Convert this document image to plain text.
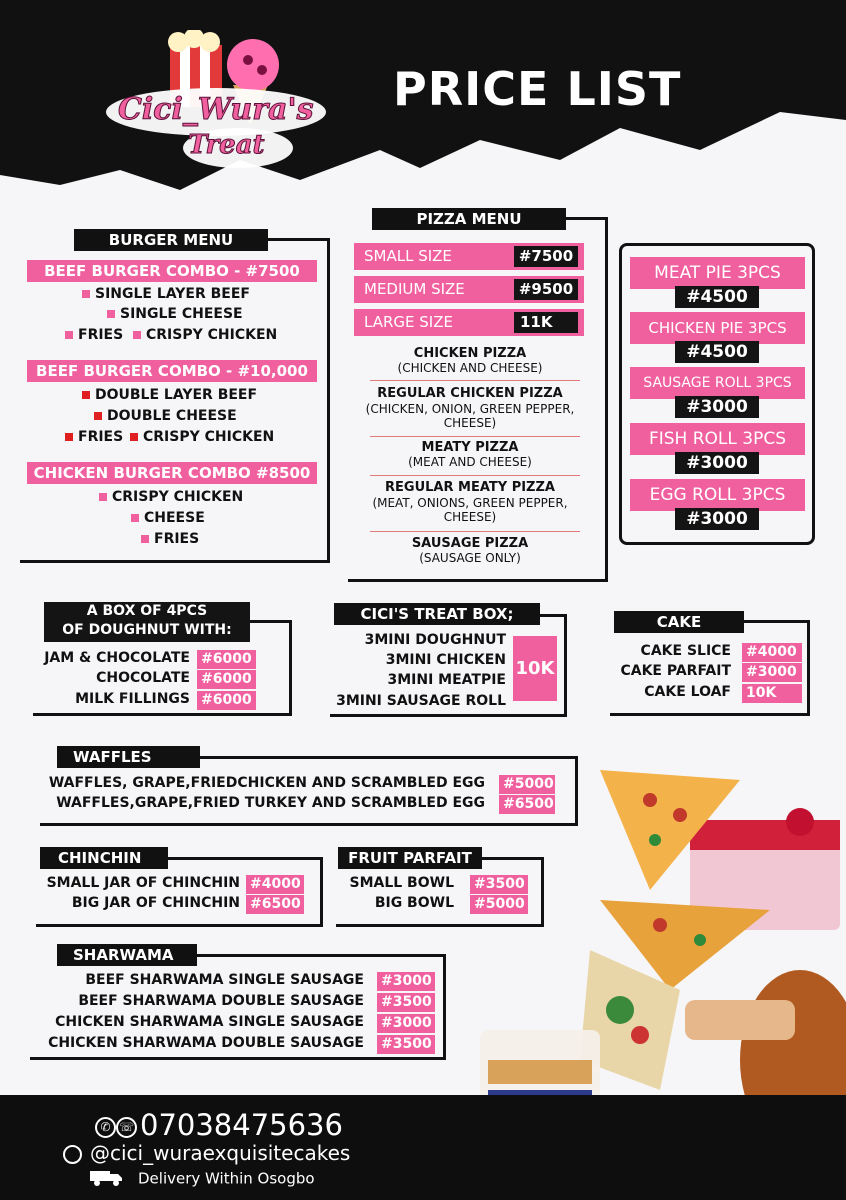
Cici_Wura's
Treat
PRICE LIST
BURGER MENU
BEEF BURGER COMBO - #7500
SINGLE LAYER BEEF
SINGLE CHEESE
FRIES	CRISPY CHICKEN
BEEF BURGER COMBO - #10,000
DOUBLE LAYER BEEF
DOUBLE CHEESE
FRIES	CRISPY CHICKEN
CHICKEN BURGER COMBO #8500
CRISPY CHICKEN
CHEESE
FRIES
PIZZA MENU
SMALL SIZE	#7500
MEDIUM SIZE	#9500
LARGE SIZE	11K
CHICKEN PIZZA
(CHICKEN AND CHEESE)
REGULAR CHICKEN PIZZA
(CHICKEN, ONION, GREEN PEPPER, CHEESE)
MEATY PIZZA
(MEAT AND CHEESE)
REGULAR MEATY PIZZA
(MEAT, ONIONS, GREEN PEPPER, CHEESE)
SAUSAGE PIZZA
(SAUSAGE ONLY)
MEAT PIE 3PCS
#4500
CHICKEN PIE 3PCS
#4500
SAUSAGE ROLL 3PCS
#3000
FISH ROLL 3PCS
#3000
EGG ROLL 3PCS
#3000
A BOX OF 4PCS
OF DOUGHNUT WITH:
JAM & CHOCOLATE #6000
CHOCOLATE #6000
MILK FILLINGS #6000
CICI'S TREAT BOX;
3MINI DOUGHNUT
3MINI CHICKEN
3MINI MEATPIE
3MINI SAUSAGE ROLL
10K
CAKE
CAKE SLICE #4000
CAKE PARFAIT #3000
CAKE LOAF 10K
WAFFLES
WAFFLES, GRAPE,FRIEDCHICKEN AND SCRAMBLED EGG #5000
WAFFLES,GRAPE,FRIED TURKEY AND SCRAMBLED EGG #6500
CHINCHIN
SMALL JAR OF CHINCHIN #4000
BIG JAR OF CHINCHIN #6500
FRUIT PARFAIT
SMALL BOWL #3500
BIG BOWL #5000
SHARWAMA
BEEF SHARWAMA SINGLE SAUSAGE #3000
BEEF SHARWAMA DOUBLE SAUSAGE #3500
CHICKEN SHARWAMA SINGLE SAUSAGE #3000
CHICKEN SHARWAMA DOUBLE SAUSAGE #3500
✆ ☏ 07038475636
@cici_wuraexquisitecakes
Delivery Within Osogbo
